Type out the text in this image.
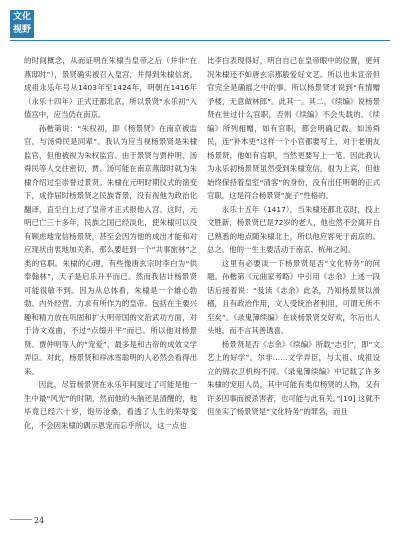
文化
视野

的时间概念，从而证明在朱棣当皇帝之后（并非“在燕邸时”），景贤确实被召入皇宫，并得到朱棣信赏。成祖永乐年号从1403年至1424年，明朝在1416年（永乐十四年）正式迁都北京。所以景贤“永乐初”入值宫中，应当仍在南京。

孙楷第说：“朱权初，即《杨景贤》在南京被监官，与汤舜民是同辈”。我认为应当视杨景贤是朱棣监官，但他被视为朱权监官。由于景贤与贾仲明、汤舜民等人交往密切，贾、汤可能在南京燕邸时就为朱棣介绍过至崇誉过景贤。朱棣在元明时期仪式的演变下，成作届时杨景贤之民族背景，没有视他为政治化翻译，直至白上过了皇帝才正式报他入宫。这时，元明已亡三十多年，民族之国已经淡化，使朱棣可以没有顾虑地宠信杨景贤，甚至会因为他的成出才能和对应现状由衷地加关系，那么要赶到一个“共事旅林”之类的官职。朱棣的心理，有些像唐玄宗时李白为“供奉翰林”，天子是启乐升平而已。然而我估计杨景贤可能很敏不到。因为从总体看，朱棣是一个雄心勃勃、内外经营、力求有所作为的皇帝。包括在主要兴趣和精力放在巩固和扩大明帝国的文治武功方面，对于诗文戏曲，不过“点缀升平”而已。所以他对杨景贤、贾仲明等人的“宠爱”，最多是和古帝的成效文学弄臣。对此，杨景贤和祥冰雪聪明的人必然会看得出来。

因此，尽管杨景贤在永乐年间度过了可能是他一生中最“风光”的时期，然而他的头脑还是清醒的，他毕竟已经六十岁，饱历沧桑，看透了人生的荣辱变化，不会因朱棣的偶示恩宠而忘乎所以，这一点也

比李白表现得好，明白自己在皇帝眼中的位置，更何况朱棣还不如唐玄宗那般爱好文艺。所以也未宣帝但官完全是确摇之中的事。所以杨景贤才说到“有情赠予楼，无意做林郎”。此其一。其二，《续编》说杨景贤在世过什么官职，否则《续编》不会失载的。《续编》所列相赠，如有官职，都会明确记载。如汤舜民，连“补本吏”这样一个小官都要写上，对于老朋友杨景贤，他如有官职，当然更要写上一笔。因此我认为永乐初杨景贤虽然受到朱棣宠信，很为上宾，但他始终保持着皇室“清客”的身份，没有出任明朝的正式官职，这是符合杨景贤“旋子”性格的。

永乐十五年（1417），当朱棣还都北京时，投上文胜新，杨景贤已是72岁的老人，他也然不会离开自己熟悉的地点随朱棣北上，所以他应客死于南京的。总之，他的一生主要活动于南京、杭州之间。

这里有必要谈一下杨景贤是否“文化特务”的问题。孙楷第《元曲家考略》中引用《志余》上述一段话后接着说：“及读《志余》此条，乃知杨景贤以滑稽，且有政治作用，文人受统治者利用，可谓无所不至矣”。《录鬼簿续编》在谈杨景贤交好欢，尔后出人头地，而不言其善诱喜。

杨景贤是否《志余》《续编》所载“志引”，即“文艺上的好学”。尔非……文学弄臣，与太祖、成祖设立的锦衣卫机构不同。《录鬼簿续编》中记载了许多朱棣的宠用人员，其中可能有类似杨贤的人物，又有许多因事而被杀害者，也可能与此有关。”[10] 这就不但坐实了杨景贤是“文化特务”的罪名，而且

24
